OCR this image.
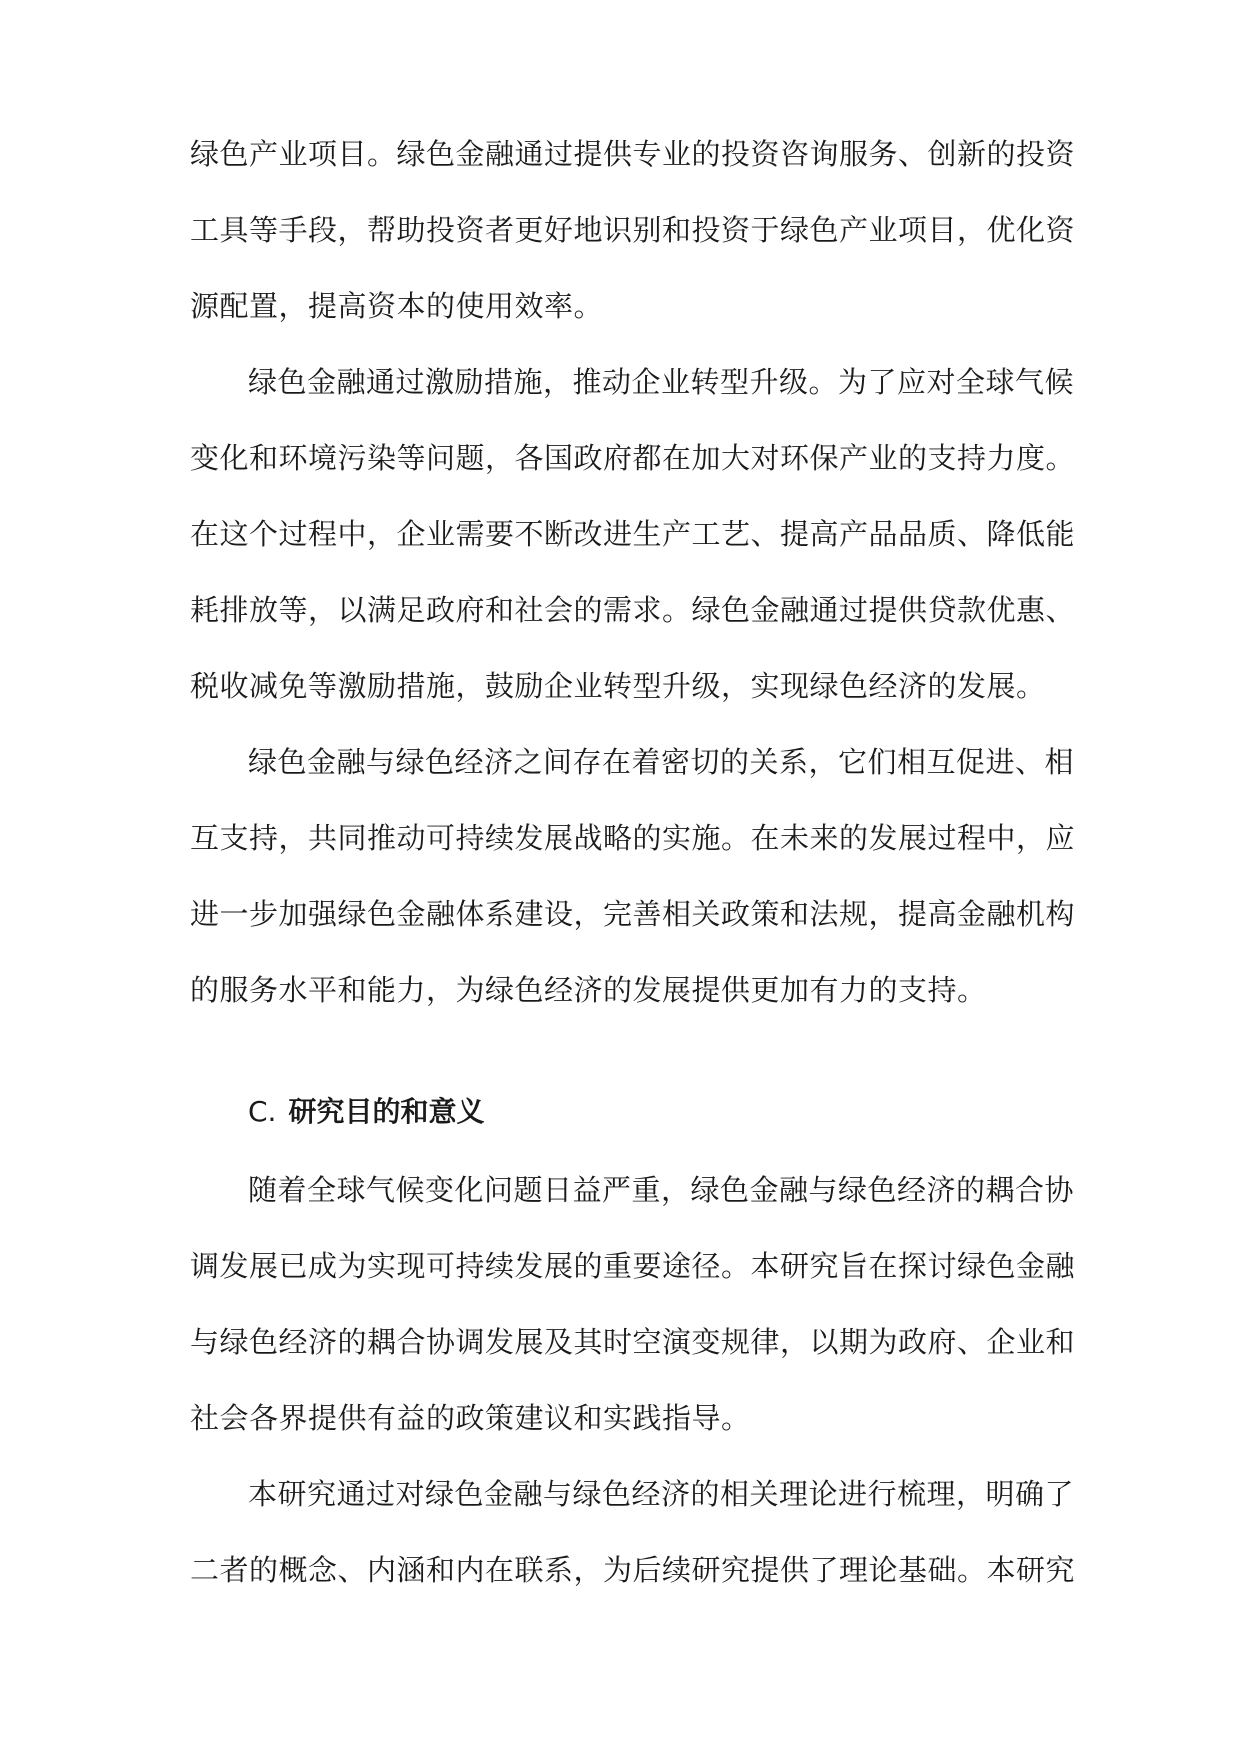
绿色产业项目。绿色金融通过提供专业的投资咨询服务、创新的投资
工具等手段，帮助投资者更好地识别和投资于绿色产业项目，优化资
源配置，提高资本的使用效率。
绿色金融通过激励措施，推动企业转型升级。为了应对全球气候
变化和环境污染等问题，各国政府都在加大对环保产业的支持力度。
在这个过程中，企业需要不断改进生产工艺、提高产品品质、降低能
耗排放等，以满足政府和社会的需求。绿色金融通过提供贷款优惠、
税收减免等激励措施，鼓励企业转型升级，实现绿色经济的发展。
绿色金融与绿色经济之间存在着密切的关系，它们相互促进、相
互支持，共同推动可持续发展战略的实施。在未来的发展过程中，应
进一步加强绿色金融体系建设，完善相关政策和法规，提高金融机构
的服务水平和能力，为绿色经济的发展提供更加有力的支持。
C. 研究目的和意义
随着全球气候变化问题日益严重，绿色金融与绿色经济的耦合协
调发展已成为实现可持续发展的重要途径。本研究旨在探讨绿色金融
与绿色经济的耦合协调发展及其时空演变规律，以期为政府、企业和
社会各界提供有益的政策建议和实践指导。
本研究通过对绿色金融与绿色经济的相关理论进行梳理，明确了
二者的概念、内涵和内在联系，为后续研究提供了理论基础。本研究
